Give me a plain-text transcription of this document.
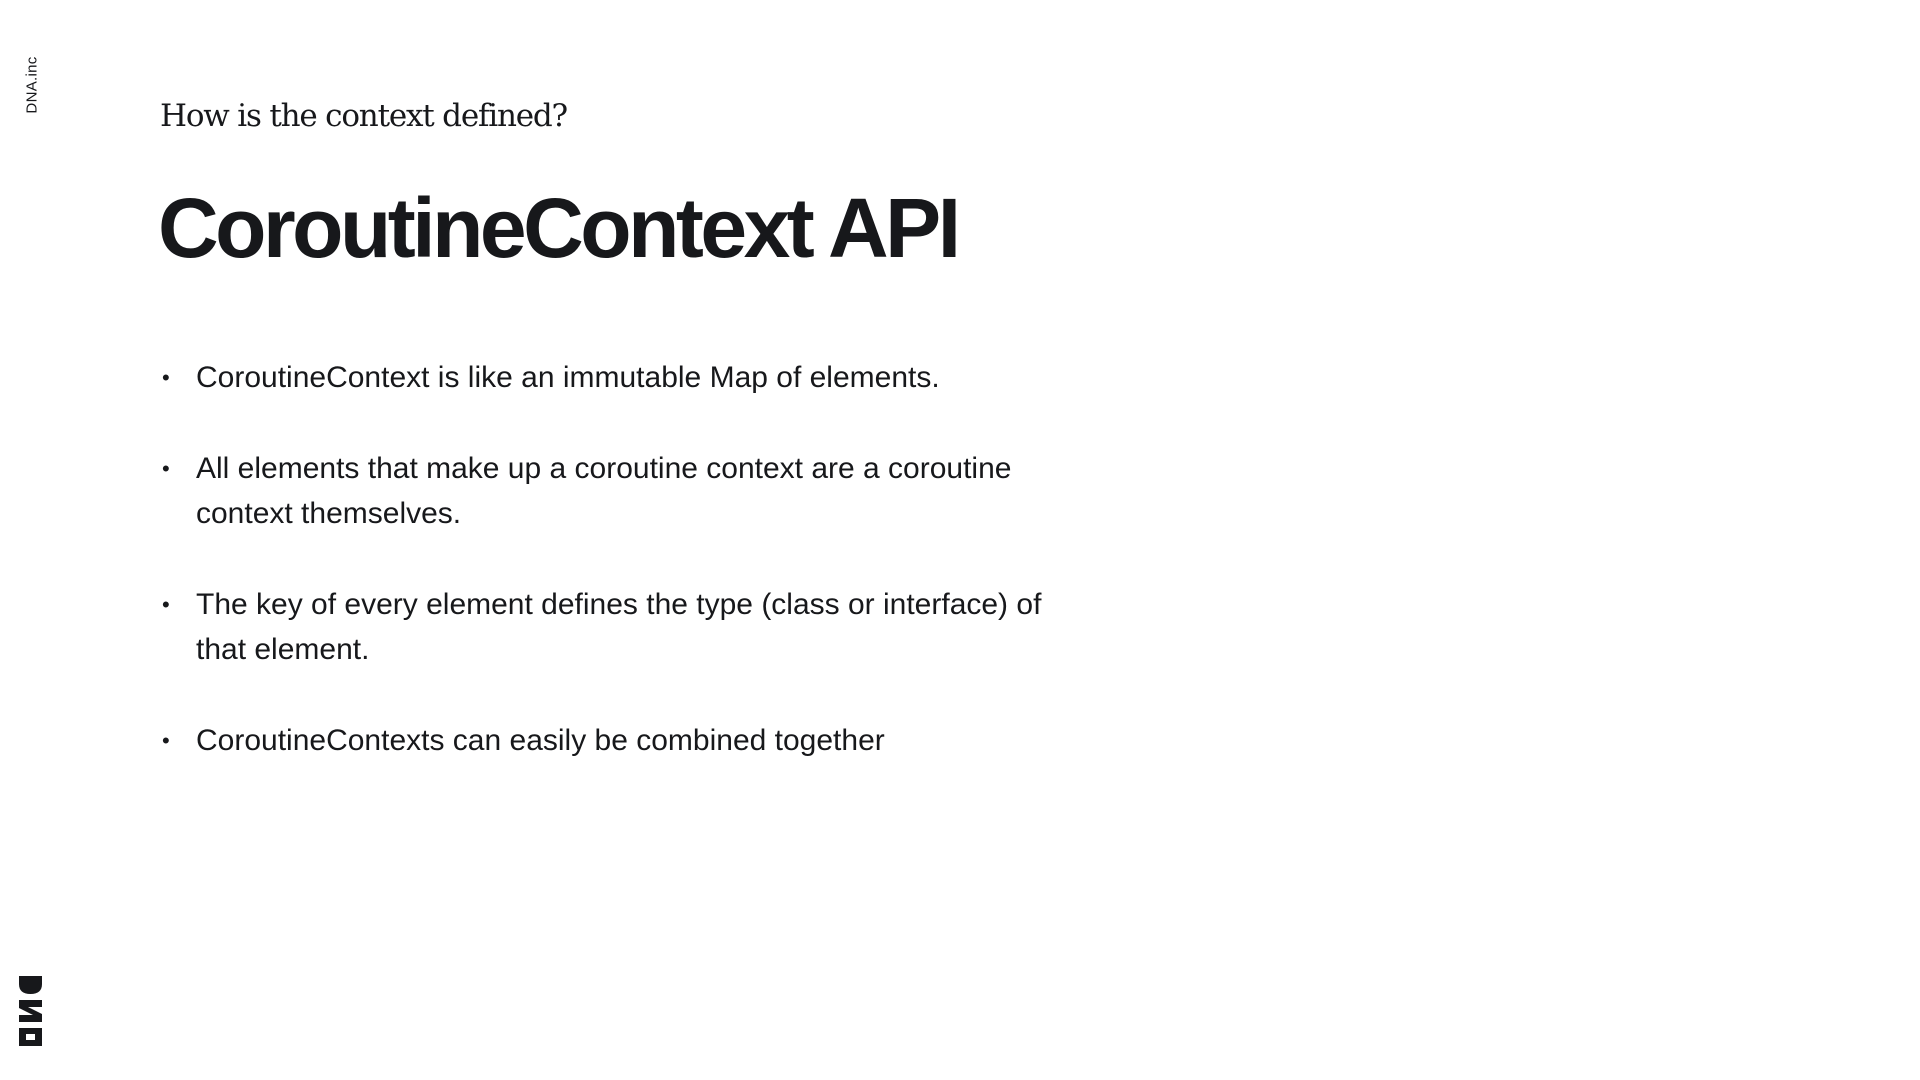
DNA.inc
How is the context defined?
CoroutineContext API
• CoroutineContext is like an immutable Map of elements.
• All elements that make up a coroutine context are a coroutine context themselves.
• The key of every element defines the type (class or interface) of that element.
• CoroutineContexts can easily be combined together
